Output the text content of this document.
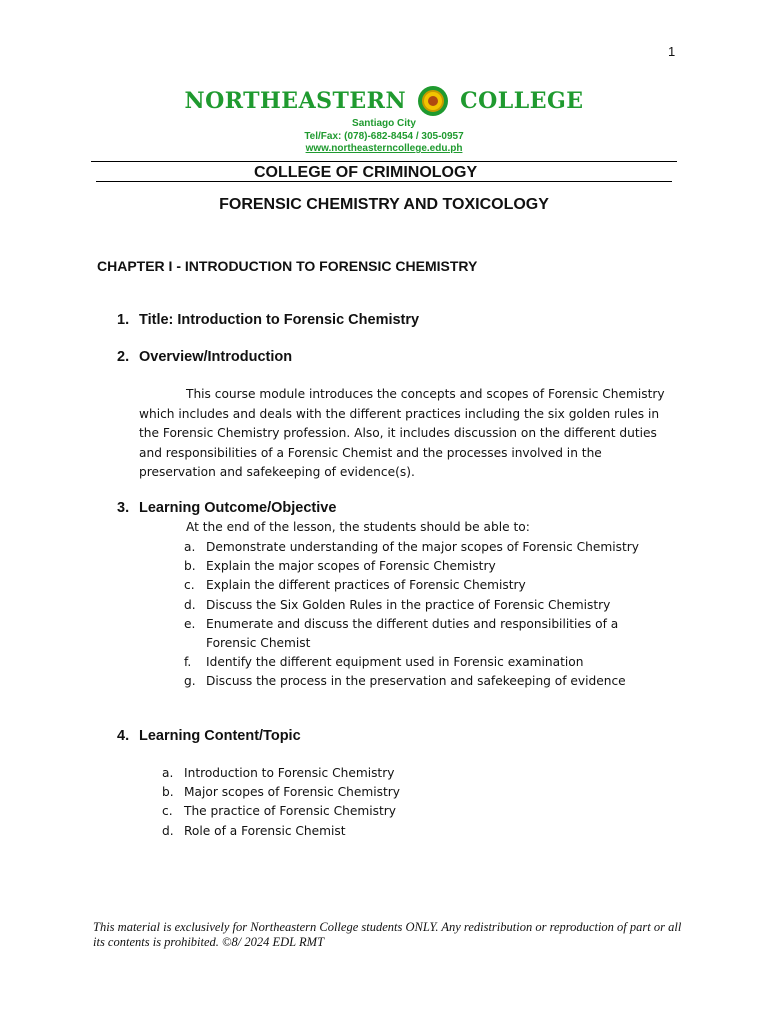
1
NORTHEASTERN COLLEGE
Santiago City
Tel/Fax: (078)-682-8454 / 305-0957
www.northeasterncollege.edu.ph
COLLEGE OF CRIMINOLOGY
FORENSIC CHEMISTRY AND TOXICOLOGY
CHAPTER I - INTRODUCTION TO FORENSIC CHEMISTRY
1. Title: Introduction to Forensic Chemistry
2. Overview/Introduction

This course module introduces the concepts and scopes of Forensic Chemistry which includes and deals with the different practices including the six golden rules in the Forensic Chemistry profession. Also, it includes discussion on the different duties and responsibilities of a Forensic Chemist and the processes involved in the preservation and safekeeping of evidence(s).

3. Learning Outcome/Objective
At the end of the lesson, the students should be able to:
a. Demonstrate understanding of the major scopes of Forensic Chemistry
b. Explain the major scopes of Forensic Chemistry
c. Explain the different practices of Forensic Chemistry
d. Discuss the Six Golden Rules in the practice of Forensic Chemistry
e. Enumerate and discuss the different duties and responsibilities of a Forensic Chemist
f.	Identify the different equipment used in Forensic examination
g. Discuss the process in the preservation and safekeeping of evidence
4. Learning Content/Topic
a. Introduction to Forensic Chemistry
b. Major scopes of Forensic Chemistry
c. The practice of Forensic Chemistry
d. Role of a Forensic Chemist
This material is exclusively for Northeastern College students ONLY. Any redistribution or reproduction of part or all its contents is prohibited. ©8/ 2024 EDL RMT
